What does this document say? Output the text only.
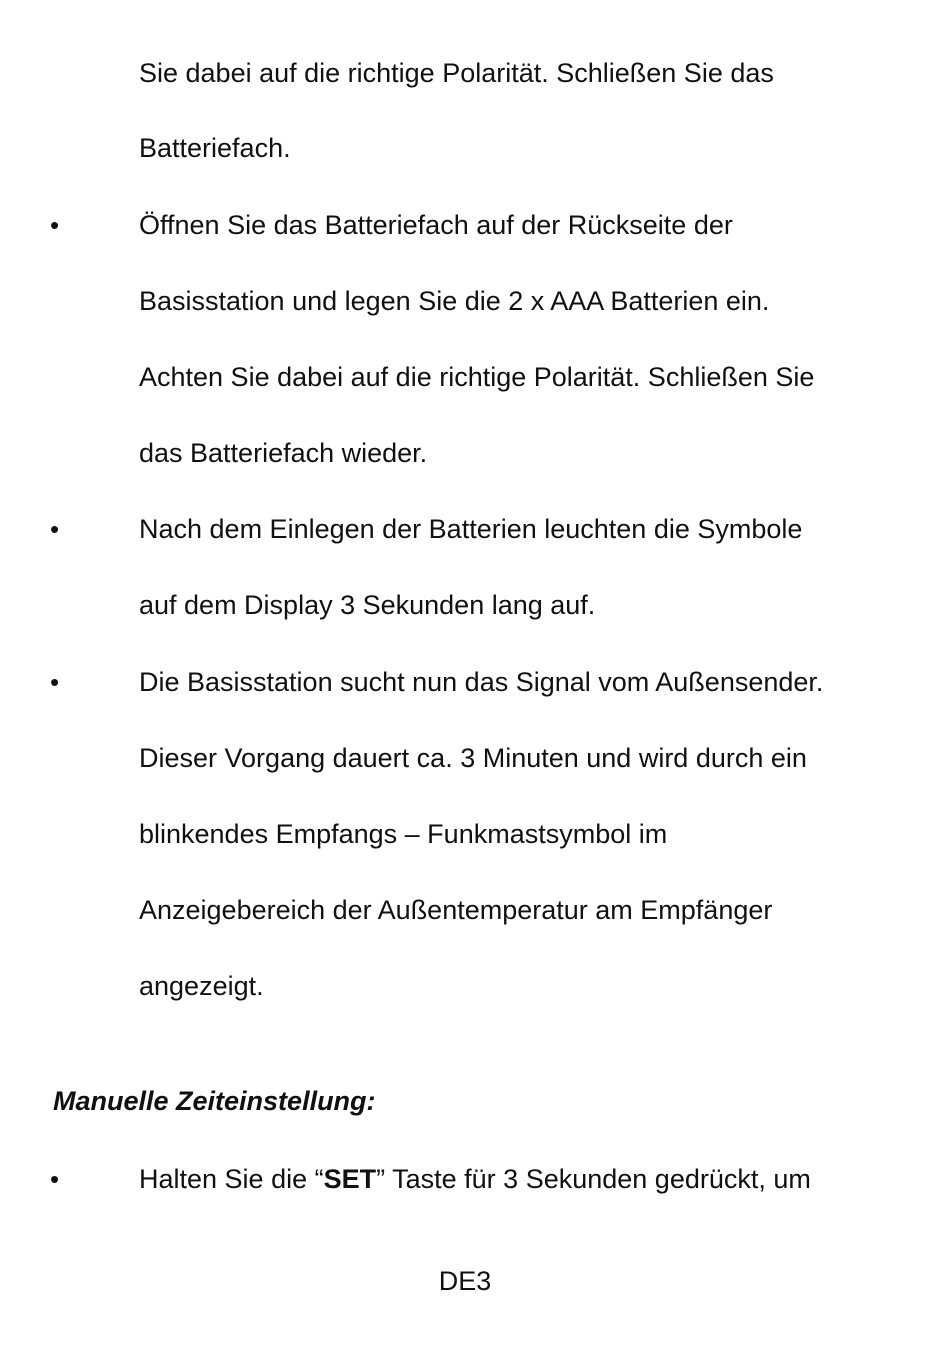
Sie dabei auf die richtige Polarität. Schließen Sie das
Batteriefach.
•	Öffnen Sie das Batteriefach auf der Rückseite der
Basisstation und legen Sie die 2 x AAA Batterien ein.
Achten Sie dabei auf die richtige Polarität. Schließen Sie
das Batteriefach wieder.
•	Nach dem Einlegen der Batterien leuchten die Symbole
auf dem Display 3 Sekunden lang auf.
•	Die Basisstation sucht nun das Signal vom Außensender.
Dieser Vorgang dauert ca. 3 Minuten und wird durch ein
blinkendes Empfangs – Funkmastsymbol im
Anzeigebereich der Außentemperatur am Empfänger
angezeigt.
Manuelle Zeiteinstellung:
•	Halten Sie die “SET” Taste für 3 Sekunden gedrückt, um
DE3
